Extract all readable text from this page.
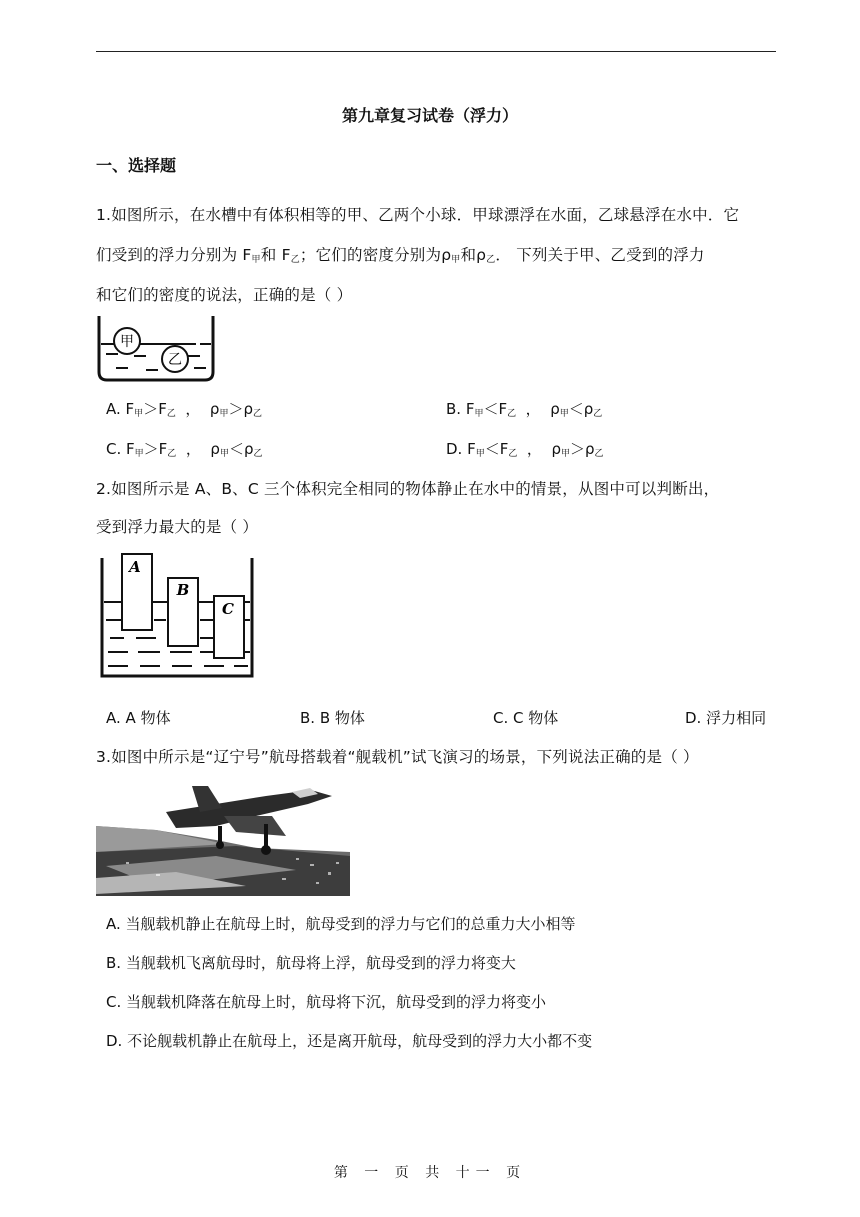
第九章复习试卷（浮力）
一、选择题
1.如图所示，在水槽中有体积相等的甲、乙两个小球．甲球漂浮在水面，乙球悬浮在水中．它
们受到的浮力分别为 $F_甲$和 $F_乙$；它们的密度分别为$\rho_甲$和$\rho_乙$． 下列关于甲、乙受到的浮力
和它们的密度的说法，正确的是（ ）
甲
乙
A. $F_甲>F_乙$  ，  $\rho_甲>\rho_乙$	B. $F_甲<F_乙$  ，  $\rho_甲<\rho_乙$
C. $F_甲>F_乙$  ，  $\rho_甲<\rho_乙$	D. $F_甲<F_乙$  ，  $\rho_甲>\rho_乙$
2.如图所示是 A、B、C 三个体积完全相同的物体静止在水中的情景，从图中可以判断出，
受到浮力最大的是（ ）
A
B
C
A. A 物体	B. B 物体	C. C 物体	D. 浮力相同
3.如图中所示是“辽宁号”航母搭载着“舰载机”试飞演习的场景，下列说法正确的是（ ）
A. 当舰载机静止在航母上时，航母受到的浮力与它们的总重力大小相等
B. 当舰载机飞离航母时，航母将上浮，航母受到的浮力将变大
C. 当舰载机降落在航母上时，航母将下沉，航母受到的浮力将变小
D. 不论舰载机静止在航母上，还是离开航母，航母受到的浮力大小都不变
第 一 页 共 十一 页
